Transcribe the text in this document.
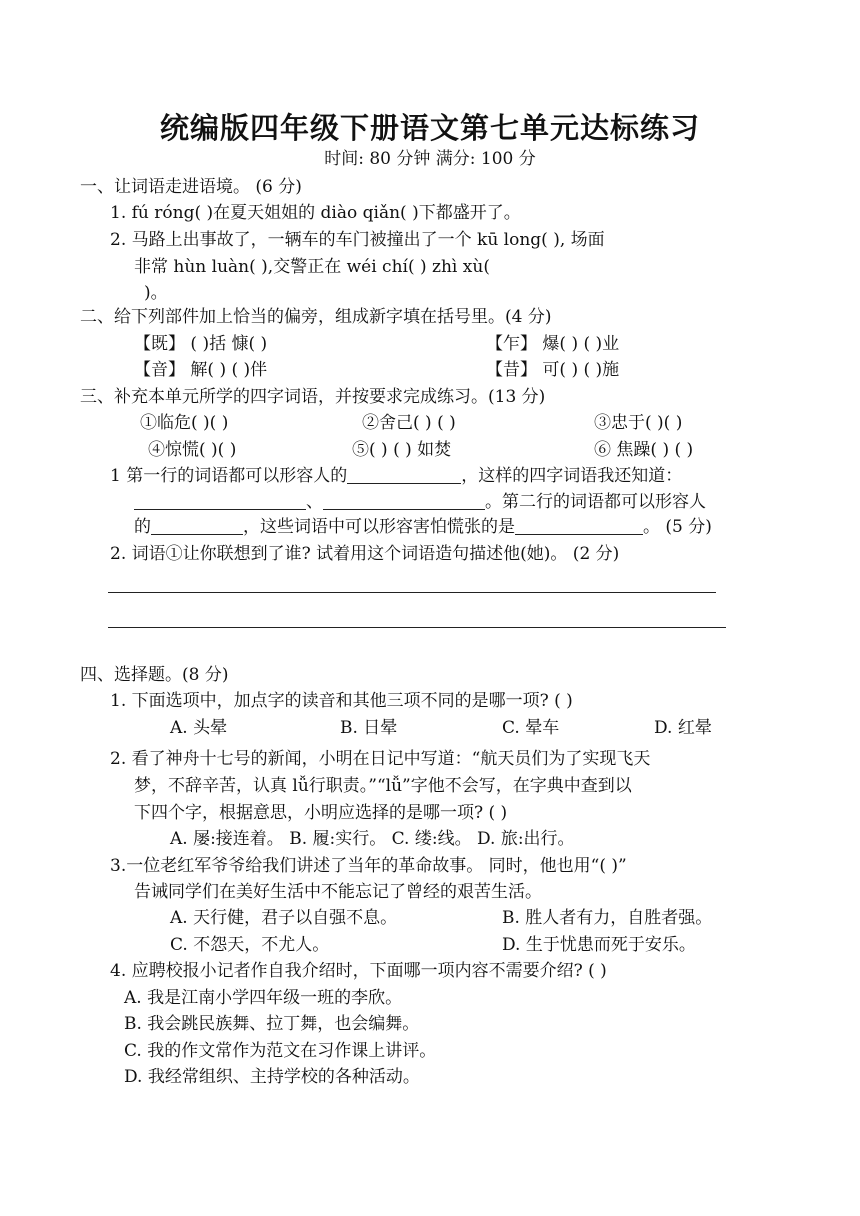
统编版四年级下册语文第七单元达标练习
时间: 80 分钟 满分: 100 分
一、让词语走进语境。 (6 分)
1. fú róng( )在夏天姐姐的 diào qiǎn( )下都盛开了。
2. 马路上出事故了，一辆车的车门被撞出了一个 kū long( ), 场面
非常 hùn luàn( ),交警正在 wéi chí( ) zhì xù(
)。
二、给下列部件加上恰当的偏旁，组成新字填在括号里。(4 分)
【既】 ( )括 慷( )	【乍】 爆( ) ( )业
【音】 解( ) ( )伴	【昔】 可( ) ( )施
三、补充本单元所学的四字词语，并按要求完成练习。(13 分)
①临危( )( )	②舍己( ) ( )	③忠于( )( )
④惊慌( )( )	⑤( ) ( ) 如焚	⑥ 焦躁( ) ( )
1 第一行的词语都可以形容人的	，这样的四字词语我还知道：
、	。第二行的词语都可以形容人
的	，这些词语中可以形容害怕慌张的是	。 (5 分)
2. 词语①让你联想到了谁? 试着用这个词语造句描述他(她)。 (2 分)
四、选择题。(8 分)
1. 下面选项中，加点字的读音和其他三项不同的是哪一项? ( )
A. 头晕	B. 日晕	C. 晕车	D. 红晕
2. 看了神舟十七号的新闻，小明在日记中写道：“航天员们为了实现飞天
梦，不辞辛苦，认真 lǚ行职责。”“lǚ”字他不会写，在字典中查到以
下四个字，根据意思，小明应选择的是哪一项? ( )
A. 屡:接连着。 B. 履:实行。 C. 缕:线。 D. 旅:出行。
3.一位老红军爷爷给我们讲述了当年的革命故事。 同时，他也用“( )”
告诫同学们在美好生活中不能忘记了曾经的艰苦生活。
A. 天行健，君子以自强不息。	B. 胜人者有力，自胜者强。
C. 不怨天，不尤人。	D. 生于忧患而死于安乐。
4. 应聘校报小记者作自我介绍时，下面哪一项内容不需要介绍? ( )
A. 我是江南小学四年级一班的李欣。
B. 我会跳民族舞、拉丁舞，也会编舞。
C. 我的作文常作为范文在习作课上讲评。
D. 我经常组织、主持学校的各种活动。
